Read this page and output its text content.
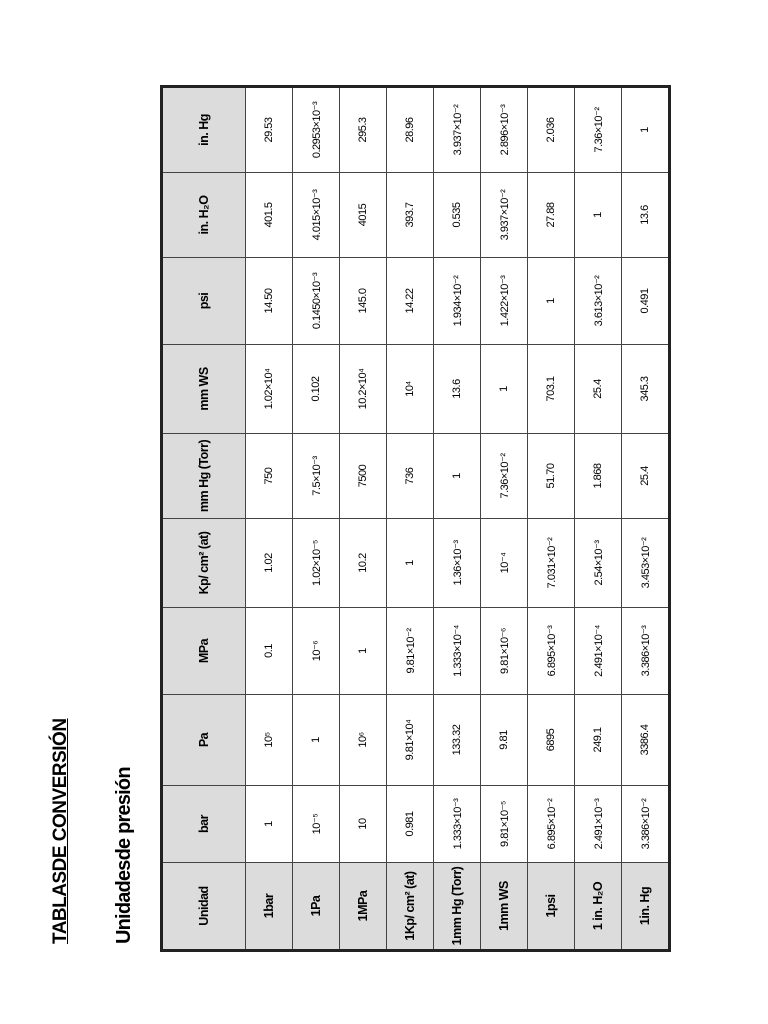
TABLASDE CONVERSIÓN Unidadesde presión	Unidad	bar	Pa	MPa	Kp/ cm² (at)	mm Hg (Torr)	mm WS	psi	in. H₂O	in. Hg
1bar	1	10⁵	0.1	1.02	750	1.02×10⁴	14.50	401.5	29.53
1Pa	10⁻⁵	1	10⁻⁶	1.02×10⁻⁵	7.5×10⁻³	0.102	0.1450×10⁻³	4.015×10⁻³	0.2953×10⁻³
1MPa	10	10⁶	1	10.2	7500	10.2×10⁴	145.0	4015	295.3
1Kp/ cm² (at)	0.981	9.81×10⁴	9.81×10⁻²	1	736	10⁴	14.22	393.7	28.96
1mm Hg (Torr)	1.333×10⁻³	133.32	1.333×10⁻⁴	1.36×10⁻³	1	13.6	1.934×10⁻²	0.535	3.937×10⁻²
1mm WS	9.81×10⁻⁵	9.81	9.81×10⁻⁶	10⁻⁴	7.36×10⁻²	1	1.422×10⁻³	3.937×10⁻²	2.896×10⁻³
1psi	6.895×10⁻²	6895	6.895×10⁻³	7.031×10⁻²	51.70	703.1	1	27.88	2.036
1 in. H₂O	2.491×10⁻³	249.1	2.491×10⁻⁴	2.54×10⁻³	1.868	25.4	3.613×10⁻²	1	7.36×10⁻²
1in. Hg	3.386×10⁻²	3386.4	3.386×10⁻³	3.453×10⁻²	25.4	345.3	0.491	13.6	1
